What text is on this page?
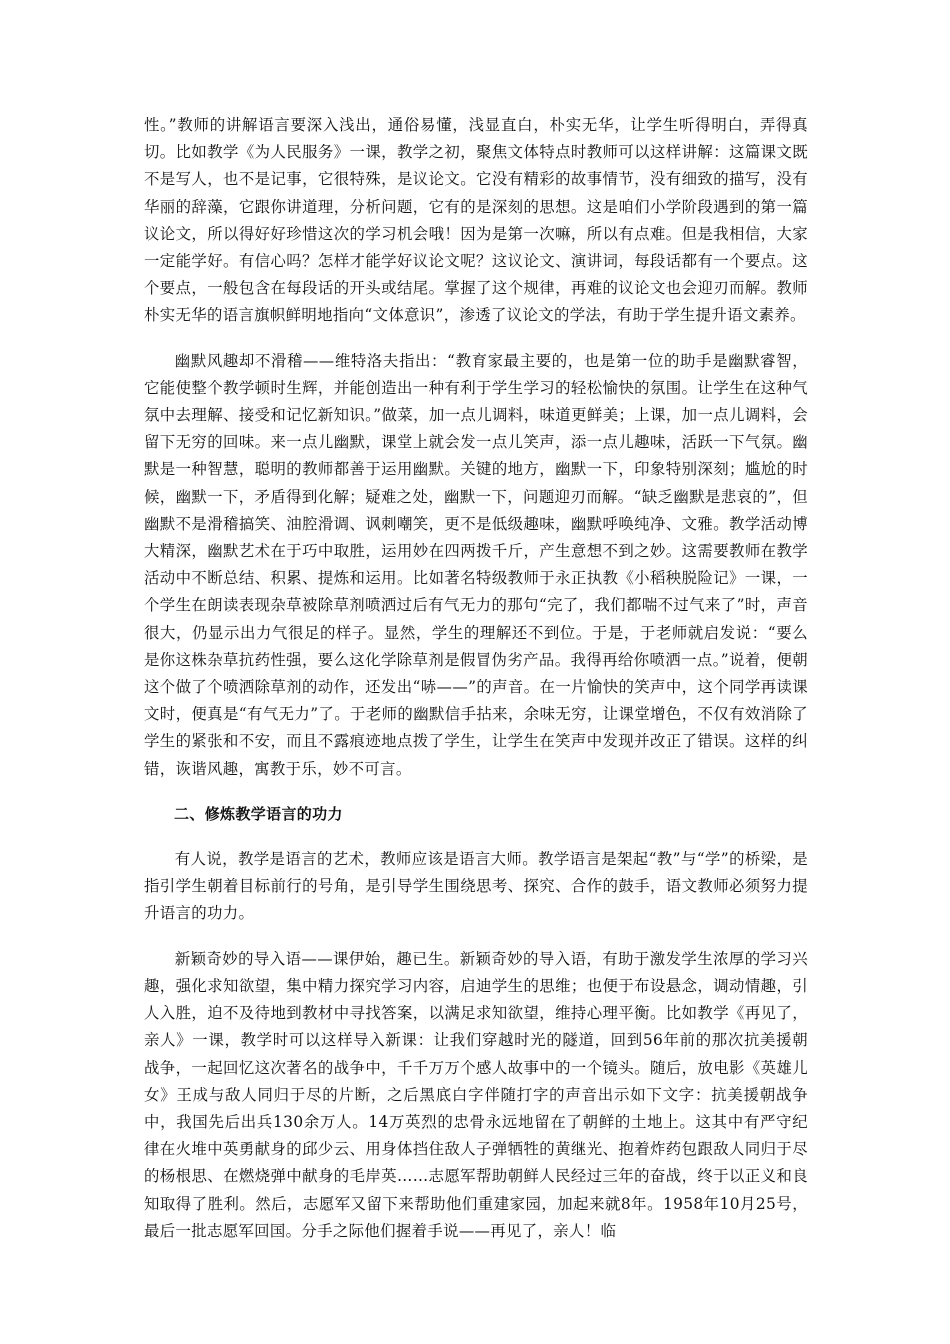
性。”教师的讲解语言要深入浅出，通俗易懂，浅显直白，朴实无华，让学生听得明白，弄得真切。比如教学《为人民服务》一课，教学之初，聚焦文体特点时教师可以这样讲解：这篇课文既不是写人，也不是记事，它很特殊，是议论文。它没有精彩的故事情节，没有细致的描写，没有华丽的辞藻，它跟你讲道理，分析问题，它有的是深刻的思想。这是咱们小学阶段遇到的第一篇议论文，所以得好好珍惜这次的学习机会哦！因为是第一次嘛，所以有点难。但是我相信，大家一定能学好。有信心吗？怎样才能学好议论文呢？这议论文、演讲词，每段话都有一个要点。这个要点，一般包含在每段话的开头或结尾。掌握了这个规律，再难的议论文也会迎刃而解。教师朴实无华的语言旗帜鲜明地指向“文体意识”，渗透了议论文的学法，有助于学生提升语文素养。

幽默风趣却不滑稽——维特洛夫指出：“教育家最主要的，也是第一位的助手是幽默睿智，它能使整个教学顿时生辉，并能创造出一种有利于学生学习的轻松愉快的氛围。让学生在这种气氛中去理解、接受和记忆新知识。”做菜，加一点儿调料，味道更鲜美；上课，加一点儿调料，会留下无穷的回味。来一点儿幽默，课堂上就会发一点儿笑声，添一点儿趣味，活跃一下气氛。幽默是一种智慧，聪明的教师都善于运用幽默。关键的地方，幽默一下，印象特别深刻；尴尬的时候，幽默一下，矛盾得到化解；疑难之处，幽默一下，问题迎刃而解。“缺乏幽默是悲哀的”，但幽默不是滑稽搞笑、油腔滑调、讽刺嘲笑，更不是低级趣味，幽默呼唤纯净、文雅。教学活动博大精深，幽默艺术在于巧中取胜，运用妙在四两拨千斤，产生意想不到之妙。这需要教师在教学活动中不断总结、积累、提炼和运用。比如著名特级教师于永正执教《小稻秧脱险记》一课，一个学生在朗读表现杂草被除草剂喷洒过后有气无力的那句“完了，我们都喘不过气来了”时，声音很大，仍显示出力气很足的样子。显然，学生的理解还不到位。于是，于老师就启发说：“要么是你这株杂草抗药性强，要么这化学除草剂是假冒伪劣产品。我得再给你喷洒一点。”说着，便朝这个做了个喷洒除草剂的动作，还发出“哧——”的声音。在一片愉快的笑声中，这个同学再读课文时，便真是“有气无力”了。于老师的幽默信手拈来，余味无穷，让课堂增色，不仅有效消除了学生的紧张和不安，而且不露痕迹地点拨了学生，让学生在笑声中发现并改正了错误。这样的纠错，诙谐风趣，寓教于乐，妙不可言。

二、修炼教学语言的功力

有人说，教学是语言的艺术，教师应该是语言大师。教学语言是架起“教”与“学”的桥梁，是指引学生朝着目标前行的号角，是引导学生围绕思考、探究、合作的鼓手，语文教师必须努力提升语言的功力。

新颖奇妙的导入语——课伊始，趣已生。新颖奇妙的导入语，有助于激发学生浓厚的学习兴趣，强化求知欲望，集中精力探究学习内容，启迪学生的思维；也便于布设悬念，调动情趣，引人入胜，迫不及待地到教材中寻找答案，以满足求知欲望，维持心理平衡。比如教学《再见了，亲人》一课，教学时可以这样导入新课：让我们穿越时光的隧道，回到56年前的那次抗美援朝战争，一起回忆这次著名的战争中，千千万万个感人故事中的一个镜头。随后，放电影《英雄儿女》王成与敌人同归于尽的片断，之后黑底白字伴随打字的声音出示如下文字：抗美援朝战争中，我国先后出兵130余万人。14万英烈的忠骨永远地留在了朝鲜的土地上。这其中有严守纪律在火堆中英勇献身的邱少云、用身体挡住敌人子弹牺牲的黄继光、抱着炸药包跟敌人同归于尽的杨根思、在燃烧弹中献身的毛岸英……志愿军帮助朝鲜人民经过三年的奋战，终于以正义和良知取得了胜利。然后，志愿军又留下来帮助他们重建家园，加起来就8年。1958年10月25号，最后一批志愿军回国。分手之际他们握着手说——再见了，亲人！临
